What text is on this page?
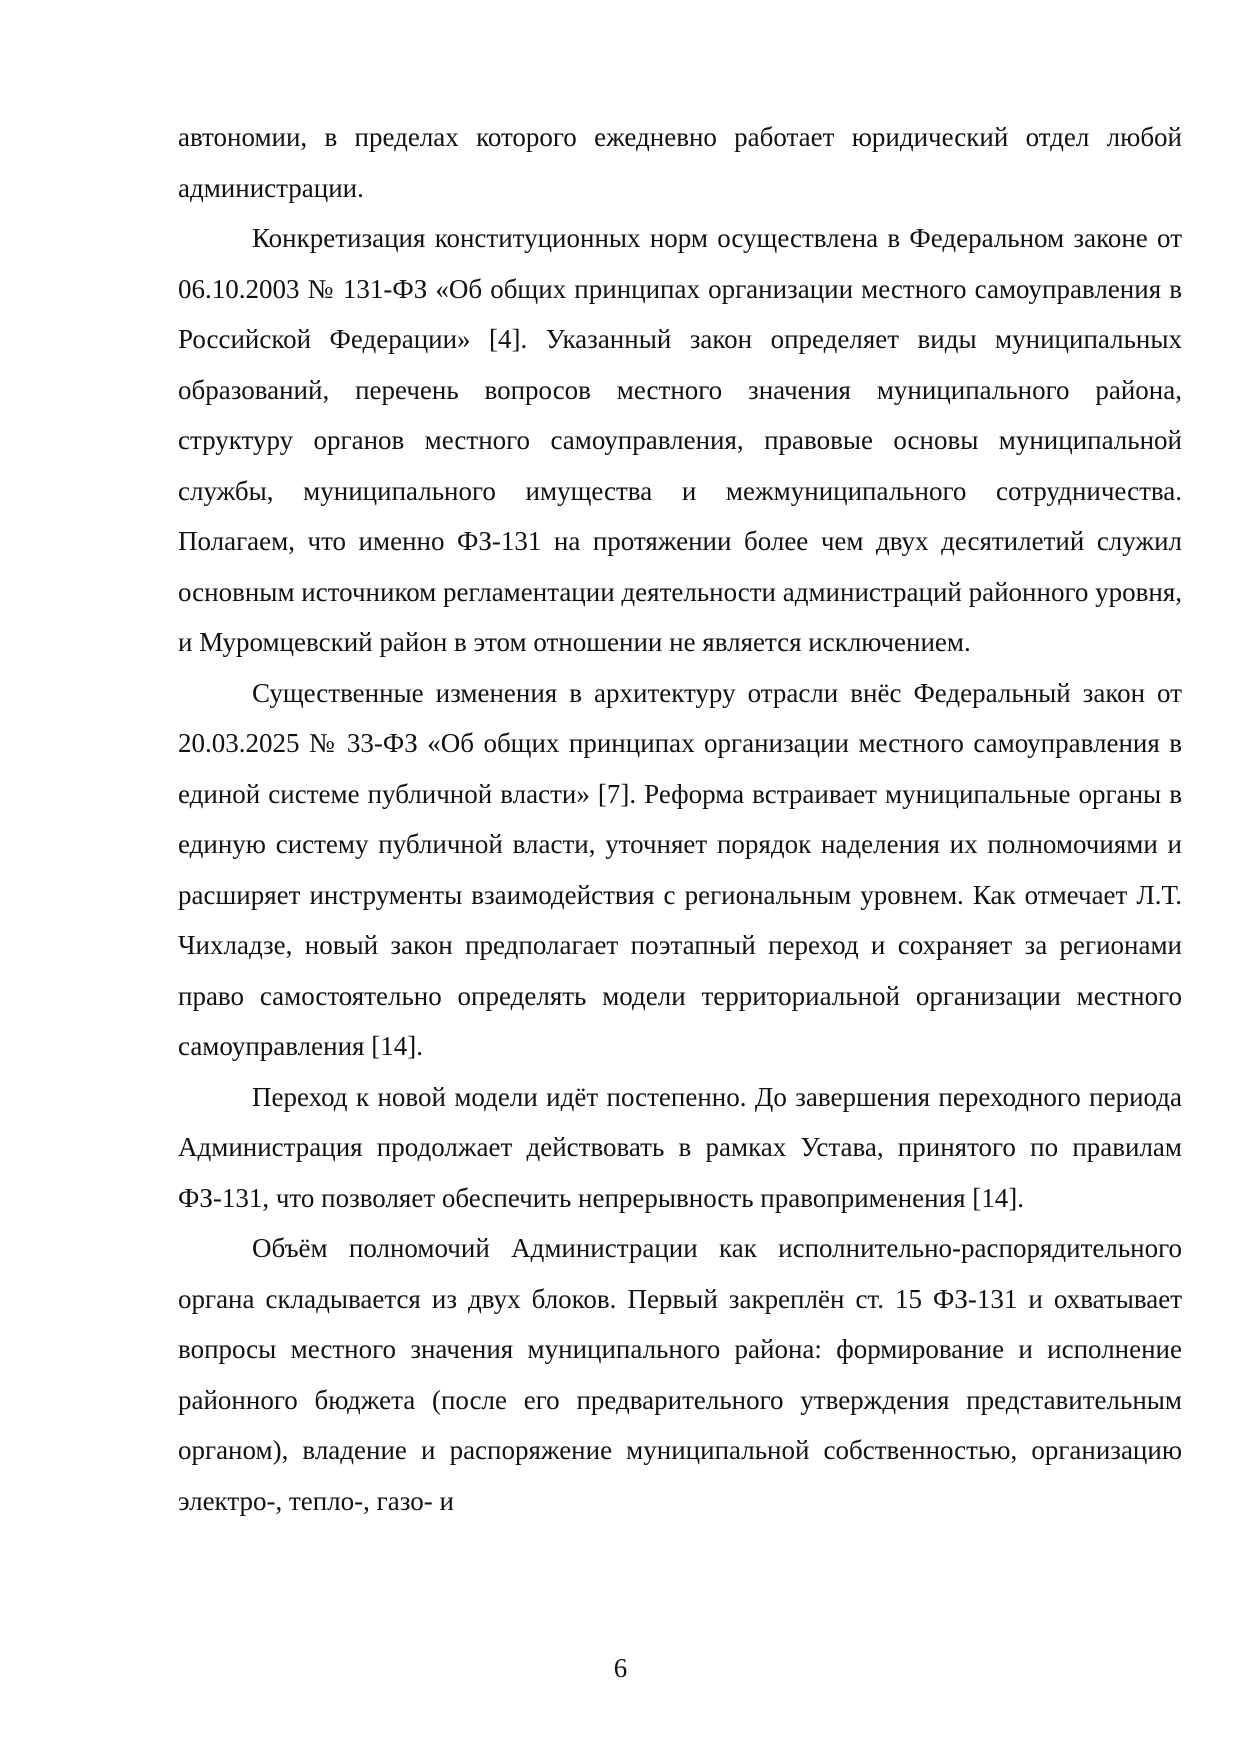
автономии, в пределах которого ежедневно работает юридический отдел любой администрации.

Конкретизация конституционных норм осуществлена в Федеральном законе от 06.10.2003 № 131-ФЗ «Об общих принципах организации местного самоуправления в Российской Федерации» [4]. Указанный закон определяет виды муниципальных образований, перечень вопросов местного значения муниципального района, структуру органов местного самоуправления, правовые основы муниципальной службы, муниципального имущества и межмуниципального сотрудничества. Полагаем, что именно ФЗ-131 на протяжении более чем двух десятилетий служил основным источником регламентации деятельности администраций районного уровня, и Муромцевский район в этом отношении не является исключением.

Существенные изменения в архитектуру отрасли внёс Федеральный закон от 20.03.2025 № 33-ФЗ «Об общих принципах организации местного самоуправления в единой системе публичной власти» [7]. Реформа встраивает муниципальные органы в единую систему публичной власти, уточняет порядок наделения их полномочиями и расширяет инструменты взаимодействия с региональным уровнем. Как отмечает Л.Т. Чихладзе, новый закон предполагает поэтапный переход и сохраняет за регионами право самостоятельно определять модели территориальной организации местного самоуправления [14].

Переход к новой модели идёт постепенно. До завершения переходного периода Администрация продолжает действовать в рамках Устава, принятого по правилам ФЗ-131, что позволяет обеспечить непрерывность правоприменения [14].

Объём полномочий Администрации как исполнительно-распорядительного органа складывается из двух блоков. Первый закреплён ст. 15 ФЗ-131 и охватывает вопросы местного значения муниципального района: формирование и исполнение районного бюджета (после его предварительного утверждения представительным органом), владение и распоряжение муниципальной собственностью, организацию электро-, тепло-, газо- и

6
